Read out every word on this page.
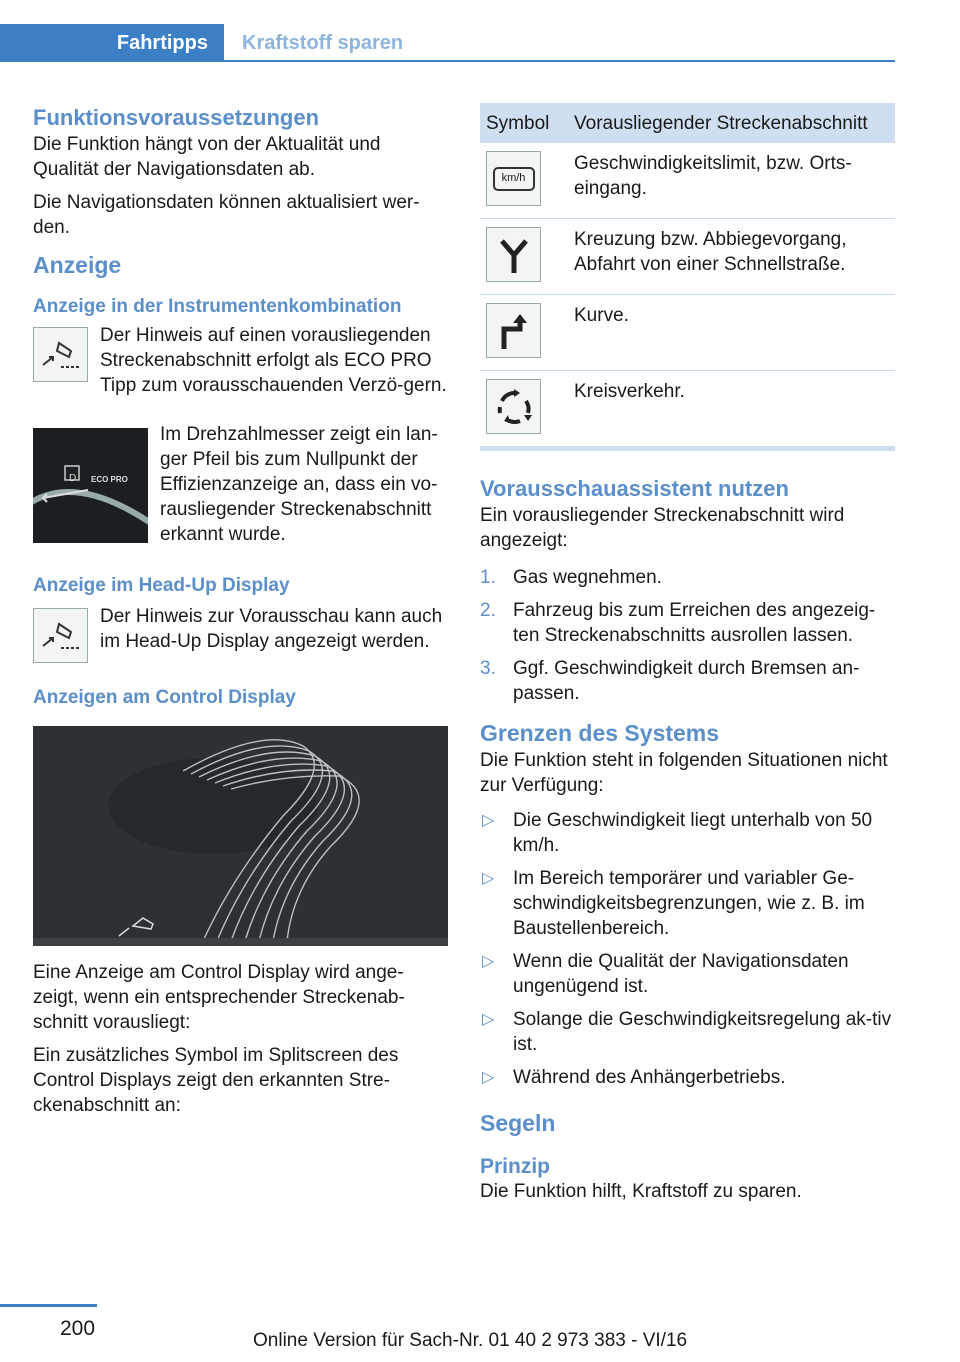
Fahrtipps	Kraftstoff sparen
Funktionsvoraussetzungen

Die Funktion hängt von der Aktualität und Qualität der Navigationsdaten ab.

Die Navigationsdaten können aktualisiert wer-den.

Anzeige
Anzeige in der Instrumentenkombination

Der Hinweis auf einen vorausliegenden Streckenabschnitt erfolgt als ECO PRO Tipp zum vorausschauenden Verzö-gern.

D ECO PRO

Im Drehzahlmesser zeigt ein lan-ger Pfeil bis zum Nullpunkt der Effizienzanzeige an, dass ein vo-rausliegender Streckenabschnitt erkannt wurde.

Anzeige im Head-Up Display

Der Hinweis zur Vorausschau kann auch im Head-Up Display angezeigt werden.

Anzeigen am Control Display

Eine Anzeige am Control Display wird ange-zeigt, wenn ein entsprechender Streckenab-schnitt vorausliegt:

Ein zusätzliches Symbol im Splitscreen des Control Displays zeigt den erkannten Stre-ckenabschnitt an:

Symbol	Vorausliegender Streckenabschnitt

km/h	Geschwindigkeitslimit, bzw. Orts-eingang.

	Kreuzung bzw. Abbiegevorgang, Abfahrt von einer Schnellstraße.

	Kurve.

	Kreisverkehr.
Vorausschauassistent nutzen

Ein vorausliegender Streckenabschnitt wird angezeigt:

1. Gas wegnehmen.
2. Fahrzeug bis zum Erreichen des angezeig-ten Streckenabschnitts ausrollen lassen.
3. Ggf. Geschwindigkeit durch Bremsen an-passen.
Grenzen des Systems

Die Funktion steht in folgenden Situationen nicht zur Verfügung:

▷ Die Geschwindigkeit liegt unterhalb von 50 km/h.
▷ Im Bereich temporärer und variabler Ge-schwindigkeitsbegrenzungen, wie z. B. im Baustellenbereich.
▷ Wenn die Qualität der Navigationsdaten ungenügend ist.
▷ Solange die Geschwindigkeitsregelung ak-tiv ist.
▷ Während des Anhängerbetriebs.
Segeln
Prinzip

Die Funktion hilft, Kraftstoff zu sparen.

200
Online Version für Sach-Nr. 01 40 2 973 383 - VI/16
